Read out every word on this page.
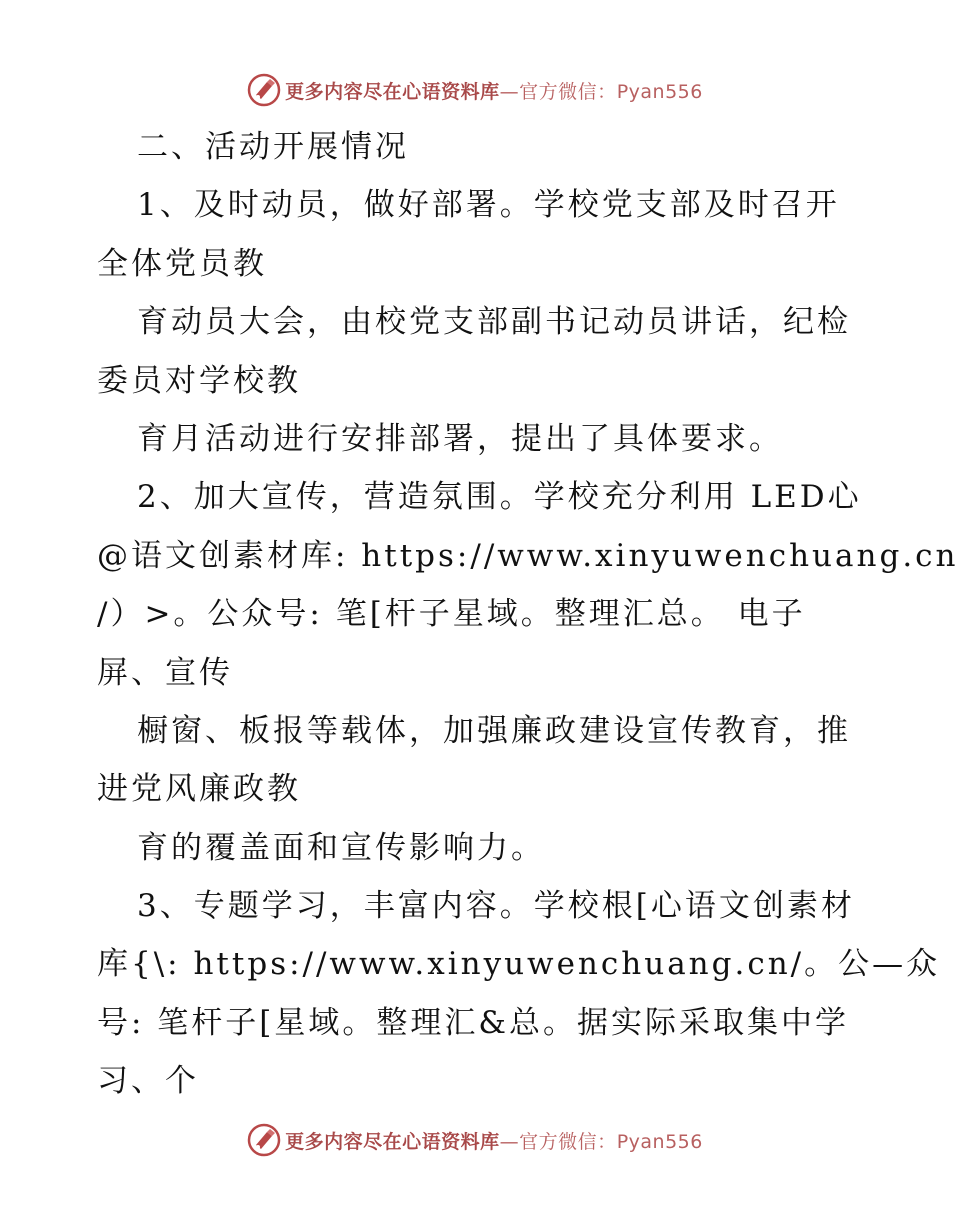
更多内容尽在心语资料库—官方微信：Pyan556
二、活动开展情况
1、及时动员，做好部署。学校党支部及时召开
全体党员教
育动员大会，由校党支部副书记动员讲话，纪检
委员对学校教
育月活动进行安排部署，提出了具体要求。
2、加大宣传，营造氛围。学校充分利用 LED心
@语文创素材库: https://www.xinyuwenchuang.cn
/）>。公众号: 笔[杆子星域。整理汇总。 电子
屏、宣传
橱窗、板报等载体，加强廉政建设宣传教育，推
进党风廉政教
育的覆盖面和宣传影响力。
3、专题学习，丰富内容。学校根[心语文创素材
库{\: https://www.xinyuwenchuang.cn/。公—众
号: 笔杆子[星域。整理汇&总。据实际采取集中学
习、个
更多内容尽在心语资料库—官方微信：Pyan556
